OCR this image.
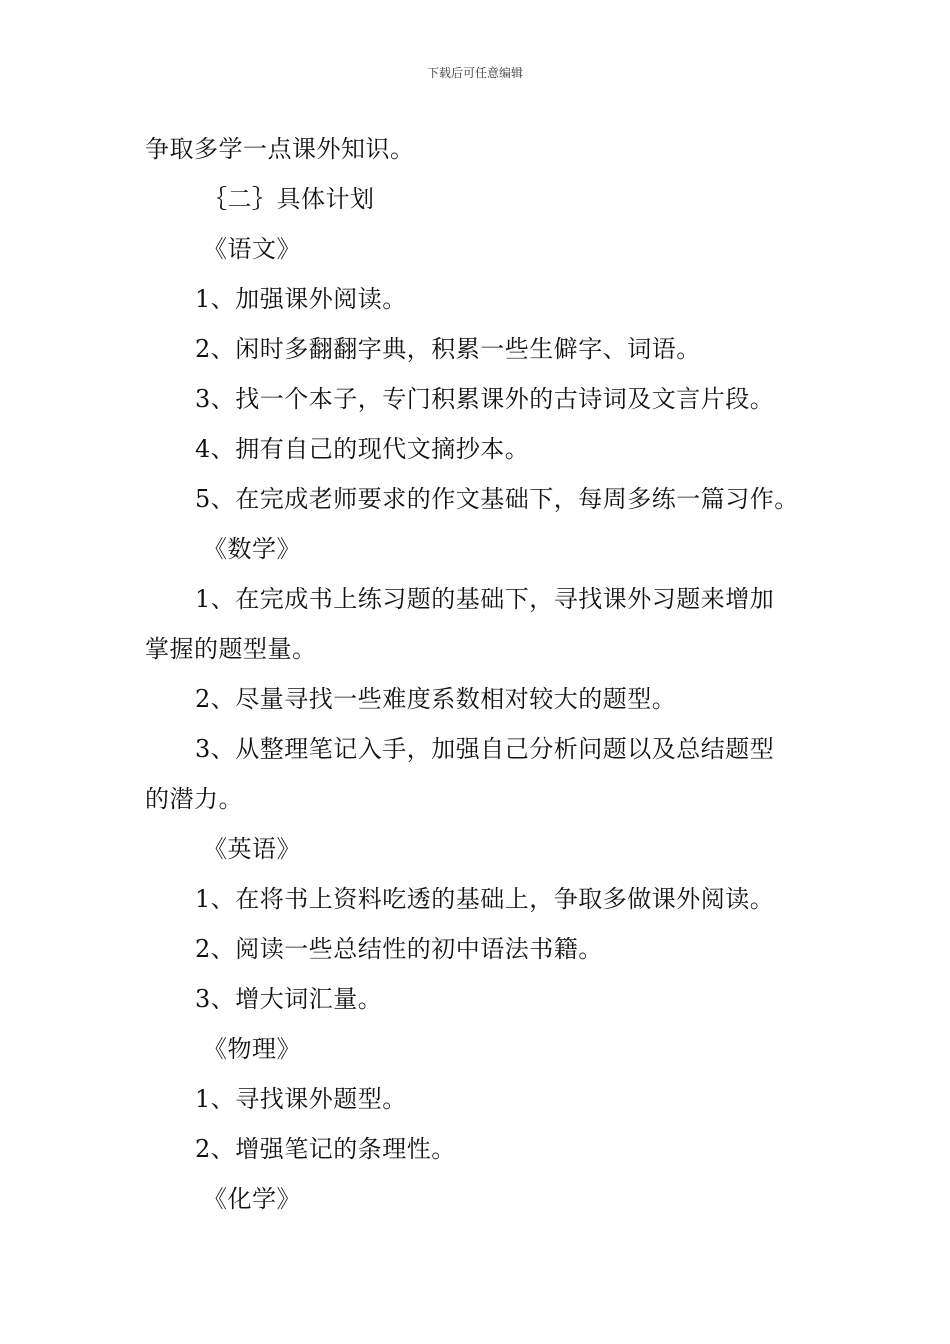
下载后可任意编辑
争取多学一点课外知识。
｛二｝具体计划
《语文》
1、加强课外阅读。
2、闲时多翻翻字典，积累一些生僻字、词语。
3、找一个本子，专门积累课外的古诗词及文言片段。
4、拥有自己的现代文摘抄本。
5、在完成老师要求的作文基础下，每周多练一篇习作。
《数学》
1、在完成书上练习题的基础下，寻找课外习题来增加
掌握的题型量。
2、尽量寻找一些难度系数相对较大的题型。
3、从整理笔记入手，加强自己分析问题以及总结题型
的潜力。
《英语》
1、在将书上资料吃透的基础上，争取多做课外阅读。
2、阅读一些总结性的初中语法书籍。
3、增大词汇量。
《物理》
1、寻找课外题型。
2、增强笔记的条理性。
《化学》
